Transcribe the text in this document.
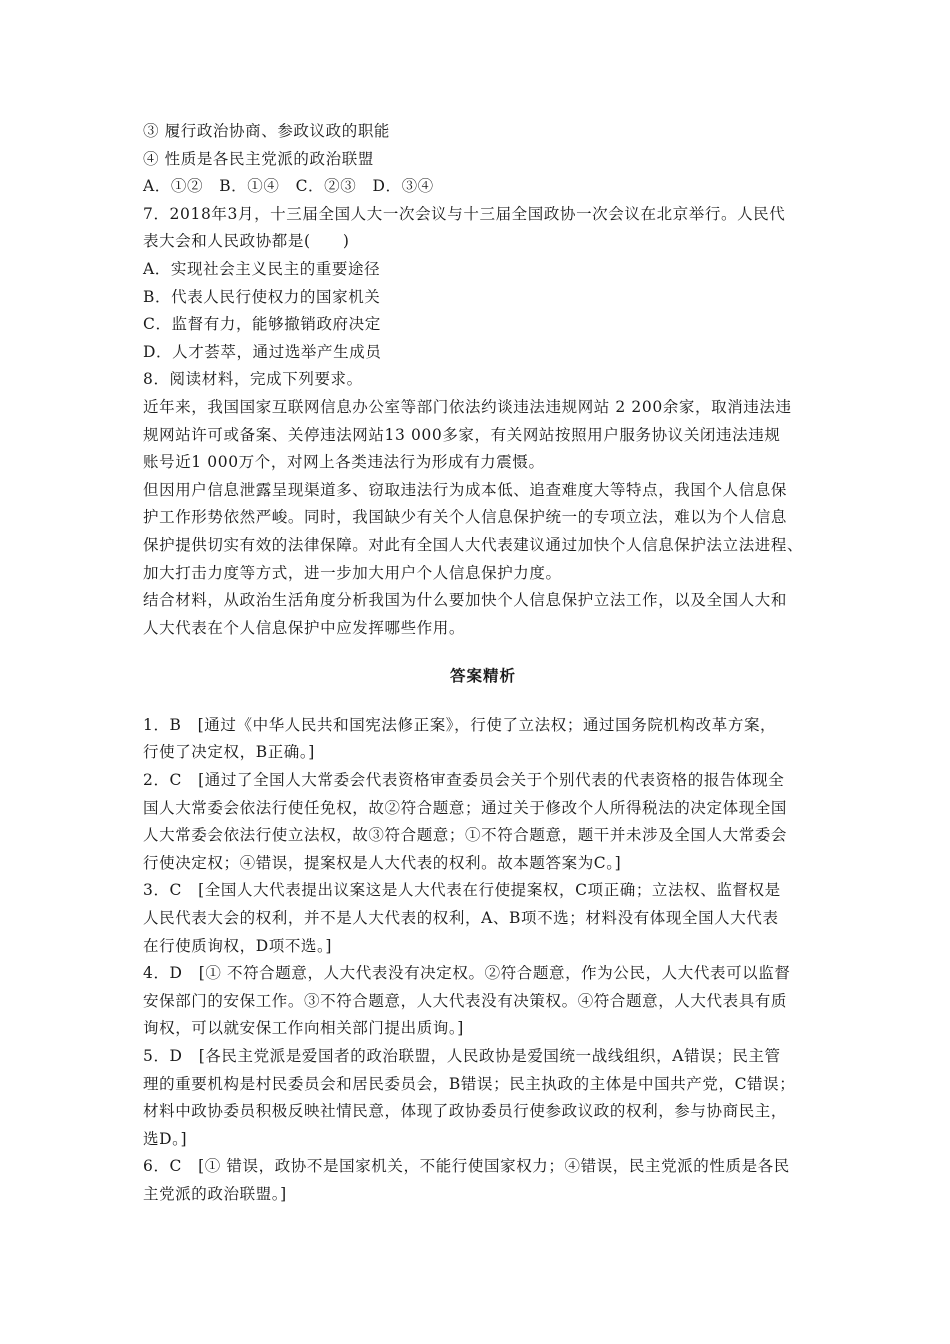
③ 履行政治协商、参政议政的职能
④ 性质是各民主党派的政治联盟
A．①②　B．①④　C．②③　D．③④
7．2018年3月，十三届全国人大一次会议与十三届全国政协一次会议在北京举行。人民代
表大会和人民政协都是(　　)
A．实现社会主义民主的重要途径
B．代表人民行使权力的国家机关
C．监督有力，能够撤销政府决定
D．人才荟萃，通过选举产生成员
8．阅读材料，完成下列要求。
近年来，我国国家互联网信息办公室等部门依法约谈违法违规网站 2 200余家，取消违法违
规网站许可或备案、关停违法网站13 000多家，有关网站按照用户服务协议关闭违法违规
账号近1 000万个，对网上各类违法行为形成有力震慑。
但因用户信息泄露呈现渠道多、窃取违法行为成本低、追查难度大等特点，我国个人信息保
护工作形势依然严峻。同时，我国缺少有关个人信息保护统一的专项立法，难以为个人信息
保护提供切实有效的法律保障。对此有全国人大代表建议通过加快个人信息保护法立法进程、
加大打击力度等方式，进一步加大用户个人信息保护力度。
结合材料，从政治生活角度分析我国为什么要加快个人信息保护立法工作，以及全国人大和
人大代表在个人信息保护中应发挥哪些作用。
答案精析
1．B　[通过《中华人民共和国宪法修正案》，行使了立法权；通过国务院机构改革方案，
行使了决定权，B正确。]
2．C　[通过了全国人大常委会代表资格审查委员会关于个别代表的代表资格的报告体现全
国人大常委会依法行使任免权，故②符合题意；通过关于修改个人所得税法的决定体现全国
人大常委会依法行使立法权，故③符合题意；①不符合题意，题干并未涉及全国人大常委会
行使决定权；④错误，提案权是人大代表的权利。故本题答案为C。]
3．C　[全国人大代表提出议案这是人大代表在行使提案权，C项正确；立法权、监督权是
人民代表大会的权利，并不是人大代表的权利，A、B项不选；材料没有体现全国人大代表
在行使质询权，D项不选。]
4．D　[① 不符合题意，人大代表没有决定权。②符合题意，作为公民，人大代表可以监督
安保部门的安保工作。③不符合题意，人大代表没有决策权。④符合题意，人大代表具有质
询权，可以就安保工作向相关部门提出质询。]
5．D　[各民主党派是爱国者的政治联盟，人民政协是爱国统一战线组织，A错误；民主管
理的重要机构是村民委员会和居民委员会，B错误；民主执政的主体是中国共产党，C错误；
材料中政协委员积极反映社情民意，体现了政协委员行使参政议政的权利，参与协商民主，
选D。]
6．C　[① 错误，政协不是国家机关，不能行使国家权力；④错误，民主党派的性质是各民
主党派的政治联盟。]
